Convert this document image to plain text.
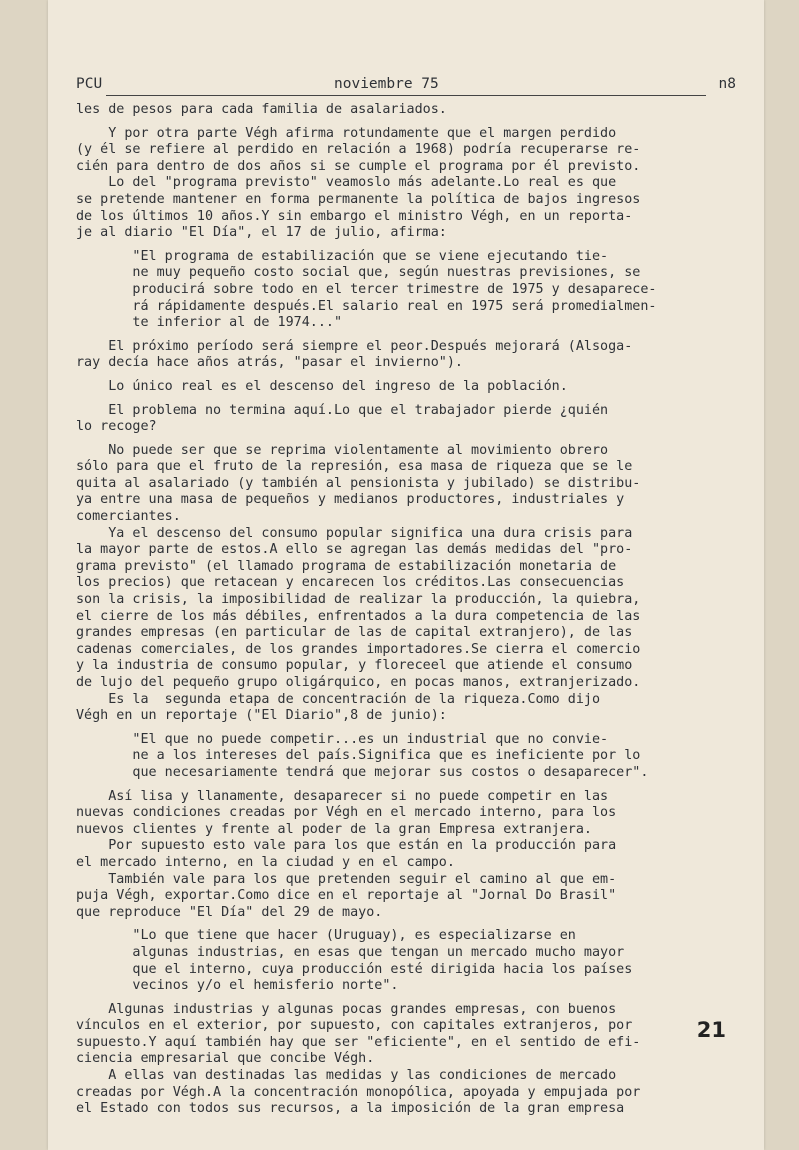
PCU	noviembre 75	n8
les de pesos para cada familia de asalariados.
Y por otra parte Végh afirma rotundamente que el margen perdido
(y él se refiere al perdido en relación a 1968) podría recuperarse re-
cién para dentro de dos años si se cumple el programa por él previsto.
Lo del "programa previsto" veamoslo más adelante.Lo real es que
se pretende mantener en forma permanente la política de bajos ingresos
de los últimos 10 años.Y sin embargo el ministro Végh, en un reporta-
je al diario "El Día", el 17 de julio, afirma:
"El programa de estabilización que se viene ejecutando tie-
ne muy pequeño costo social que, según nuestras previsiones, se
producirá sobre todo en el tercer trimestre de 1975 y desaparece-
rá rápidamente después.El salario real en 1975 será promedialmen-
te inferior al de 1974..."
El próximo período será siempre el peor.Después mejorará (Alsoga-
ray decía hace años atrás, "pasar el invierno").
Lo único real es el descenso del ingreso de la población.
El problema no termina aquí.Lo que el trabajador pierde ¿quién
lo recoge?
No puede ser que se reprima violentamente al movimiento obrero
sólo para que el fruto de la represión, esa masa de riqueza que se le
quita al asalariado (y también al pensionista y jubilado) se distribu-
ya entre una masa de pequeños y medianos productores, industriales y
comerciantes.
Ya el descenso del consumo popular significa una dura crisis para
la mayor parte de estos.A ello se agregan las demás medidas del "pro-
grama previsto" (el llamado programa de estabilización monetaria de
los precios) que retacean y encarecen los créditos.Las consecuencias
son la crisis, la imposibilidad de realizar la producción, la quiebra,
el cierre de los más débiles, enfrentados a la dura competencia de las
grandes empresas (en particular de las de capital extranjero), de las
cadenas comerciales, de los grandes importadores.Se cierra el comercio
y la industria de consumo popular, y floreceel que atiende el consumo
de lujo del pequeño grupo oligárquico, en pocas manos, extranjerizado.
Es la  segunda etapa de concentración de la riqueza.Como dijo
Végh en un reportaje ("El Diario",8 de junio):
"El que no puede competir...es un industrial que no convie-
ne a los intereses del país.Significa que es ineficiente por lo
que necesariamente tendrá que mejorar sus costos o desaparecer".
Así lisa y llanamente, desaparecer si no puede competir en las
nuevas condiciones creadas por Végh en el mercado interno, para los
nuevos clientes y frente al poder de la gran Empresa extranjera.
Por supuesto esto vale para los que están en la producción para
el mercado interno, en la ciudad y en el campo.
También vale para los que pretenden seguir el camino al que em-
puja Végh, exportar.Como dice en el reportaje al "Jornal Do Brasil"
que reproduce "El Día" del 29 de mayo.
"Lo que tiene que hacer (Uruguay), es especializarse en
algunas industrias, en esas que tengan un mercado mucho mayor
que el interno, cuya producción esté dirigida hacia los países
vecinos y/o el hemisferio norte".
Algunas industrias y algunas pocas grandes empresas, con buenos
vínculos en el exterior, por supuesto, con capitales extranjeros, por
supuesto.Y aquí también hay que ser "eficiente", en el sentido de efi-
ciencia empresarial que concibe Végh.
A ellas van destinadas las medidas y las condiciones de mercado
creadas por Végh.A la concentración monopólica, apoyada y empujada por
el Estado con todos sus recursos, a la imposición de la gran empresa
21
